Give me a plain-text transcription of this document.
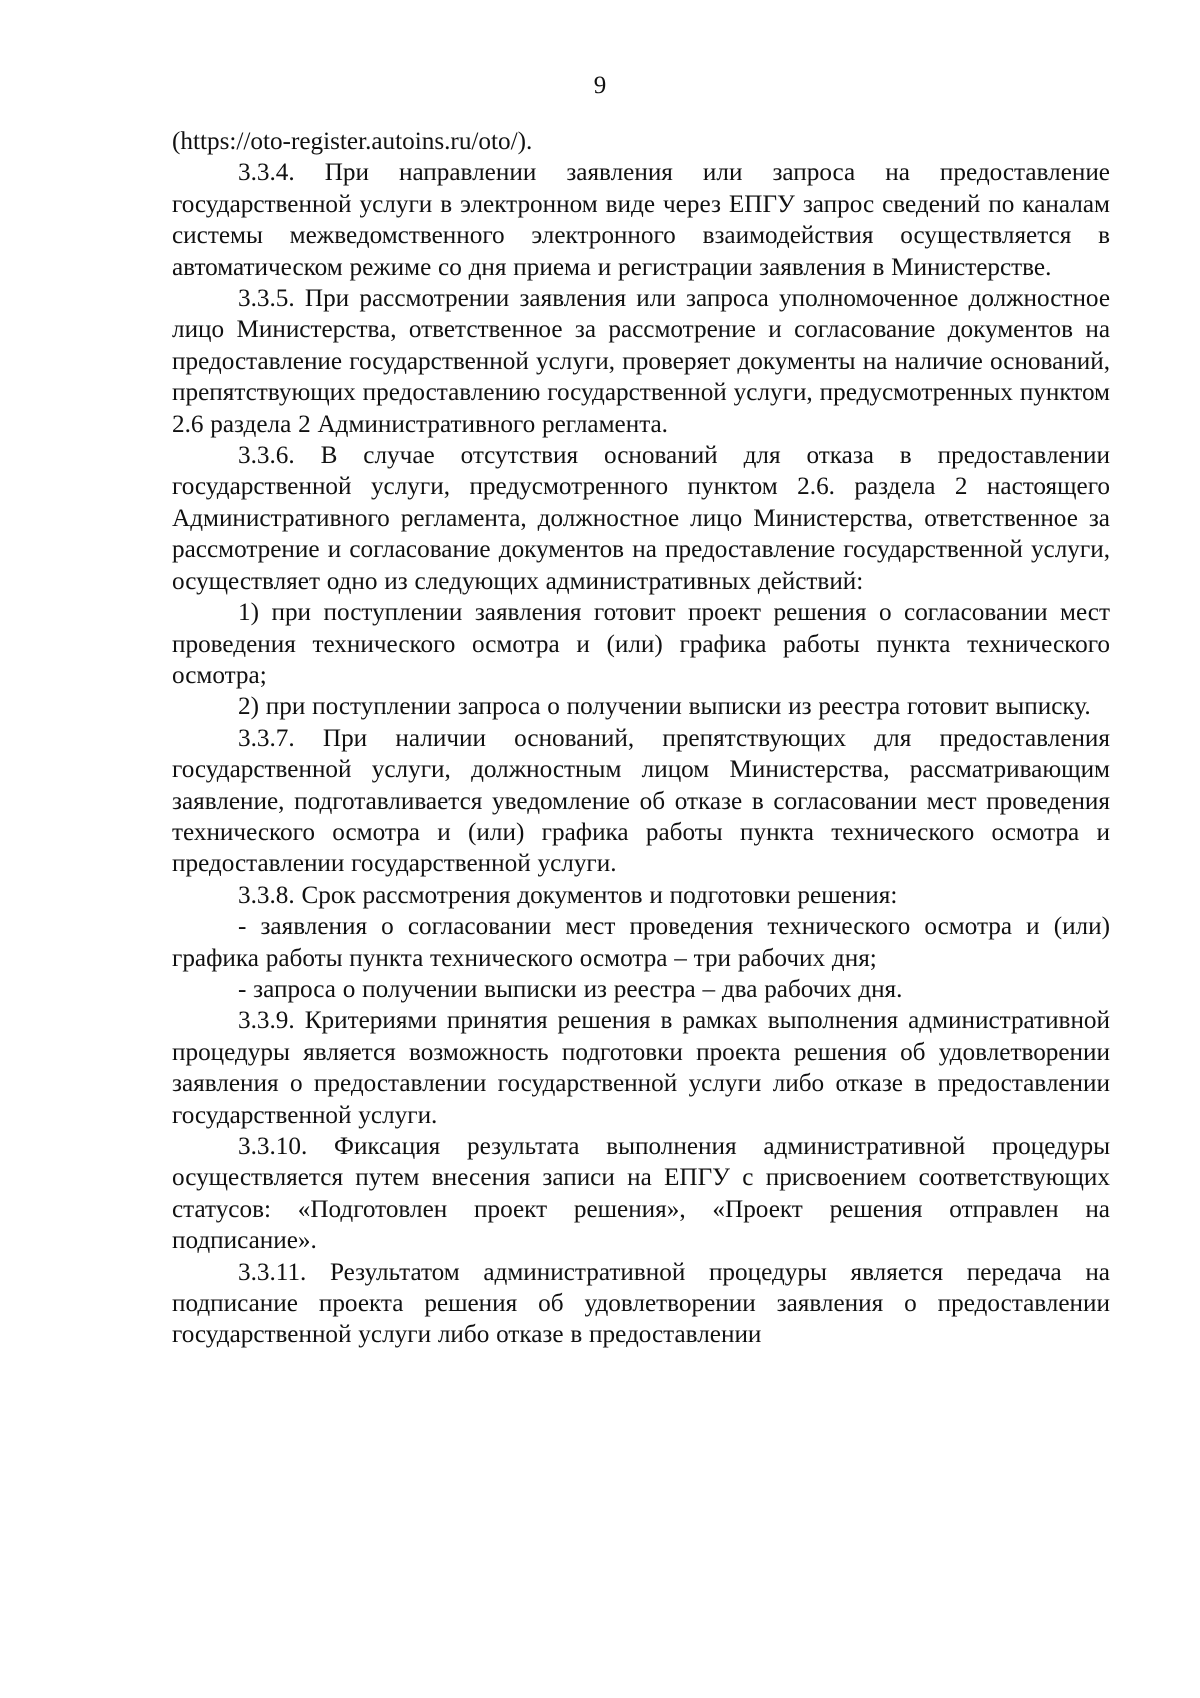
9

(https://oto-register.autoins.ru/oto/).

3.3.4. При направлении заявления или запроса на предоставление государственной услуги в электронном виде через ЕПГУ запрос сведений по каналам системы межведомственного электронного взаимодействия осуществляется в автоматическом режиме со дня приема и регистрации заявления в Министерстве.

3.3.5. При рассмотрении заявления или запроса уполномоченное должностное лицо Министерства, ответственное за рассмотрение и согласование документов на предоставление государственной услуги, проверяет документы на наличие оснований, препятствующих предоставлению государственной услуги, предусмотренных пунктом 2.6 раздела 2 Административного регламента.

3.3.6. В случае отсутствия оснований для отказа в предоставлении государственной услуги, предусмотренного пунктом 2.6. раздела 2 настоящего Административного регламента, должностное лицо Министерства, ответственное за рассмотрение и согласование документов на предоставление государственной услуги, осуществляет одно из следующих административных действий:

1) при поступлении заявления готовит проект решения о согласовании мест проведения технического осмотра и (или) графика работы пункта технического осмотра;

2) при поступлении запроса о получении выписки из реестра готовит выписку.

3.3.7. При наличии оснований, препятствующих для предоставления государственной услуги, должностным лицом Министерства, рассматривающим заявление, подготавливается уведомление об отказе в согласовании мест проведения технического осмотра и (или) графика работы пункта технического осмотра и предоставлении государственной услуги.

3.3.8. Срок рассмотрения документов и подготовки решения:

- заявления о согласовании мест проведения технического осмотра и (или) графика работы пункта технического осмотра – три рабочих дня;

- запроса о получении выписки из реестра – два рабочих дня.

3.3.9. Критериями принятия решения в рамках выполнения административной процедуры является возможность подготовки проекта решения об удовлетворении заявления о предоставлении государственной услуги либо отказе в предоставлении государственной услуги.

3.3.10. Фиксация результата выполнения административной процедуры осуществляется путем внесения записи на ЕПГУ с присвоением соответствующих статусов: «Подготовлен проект решения», «Проект решения отправлен на подписание».

3.3.11. Результатом административной процедуры является передача на подписание проекта решения об удовлетворении заявления о предоставлении государственной услуги либо отказе в предоставлении
